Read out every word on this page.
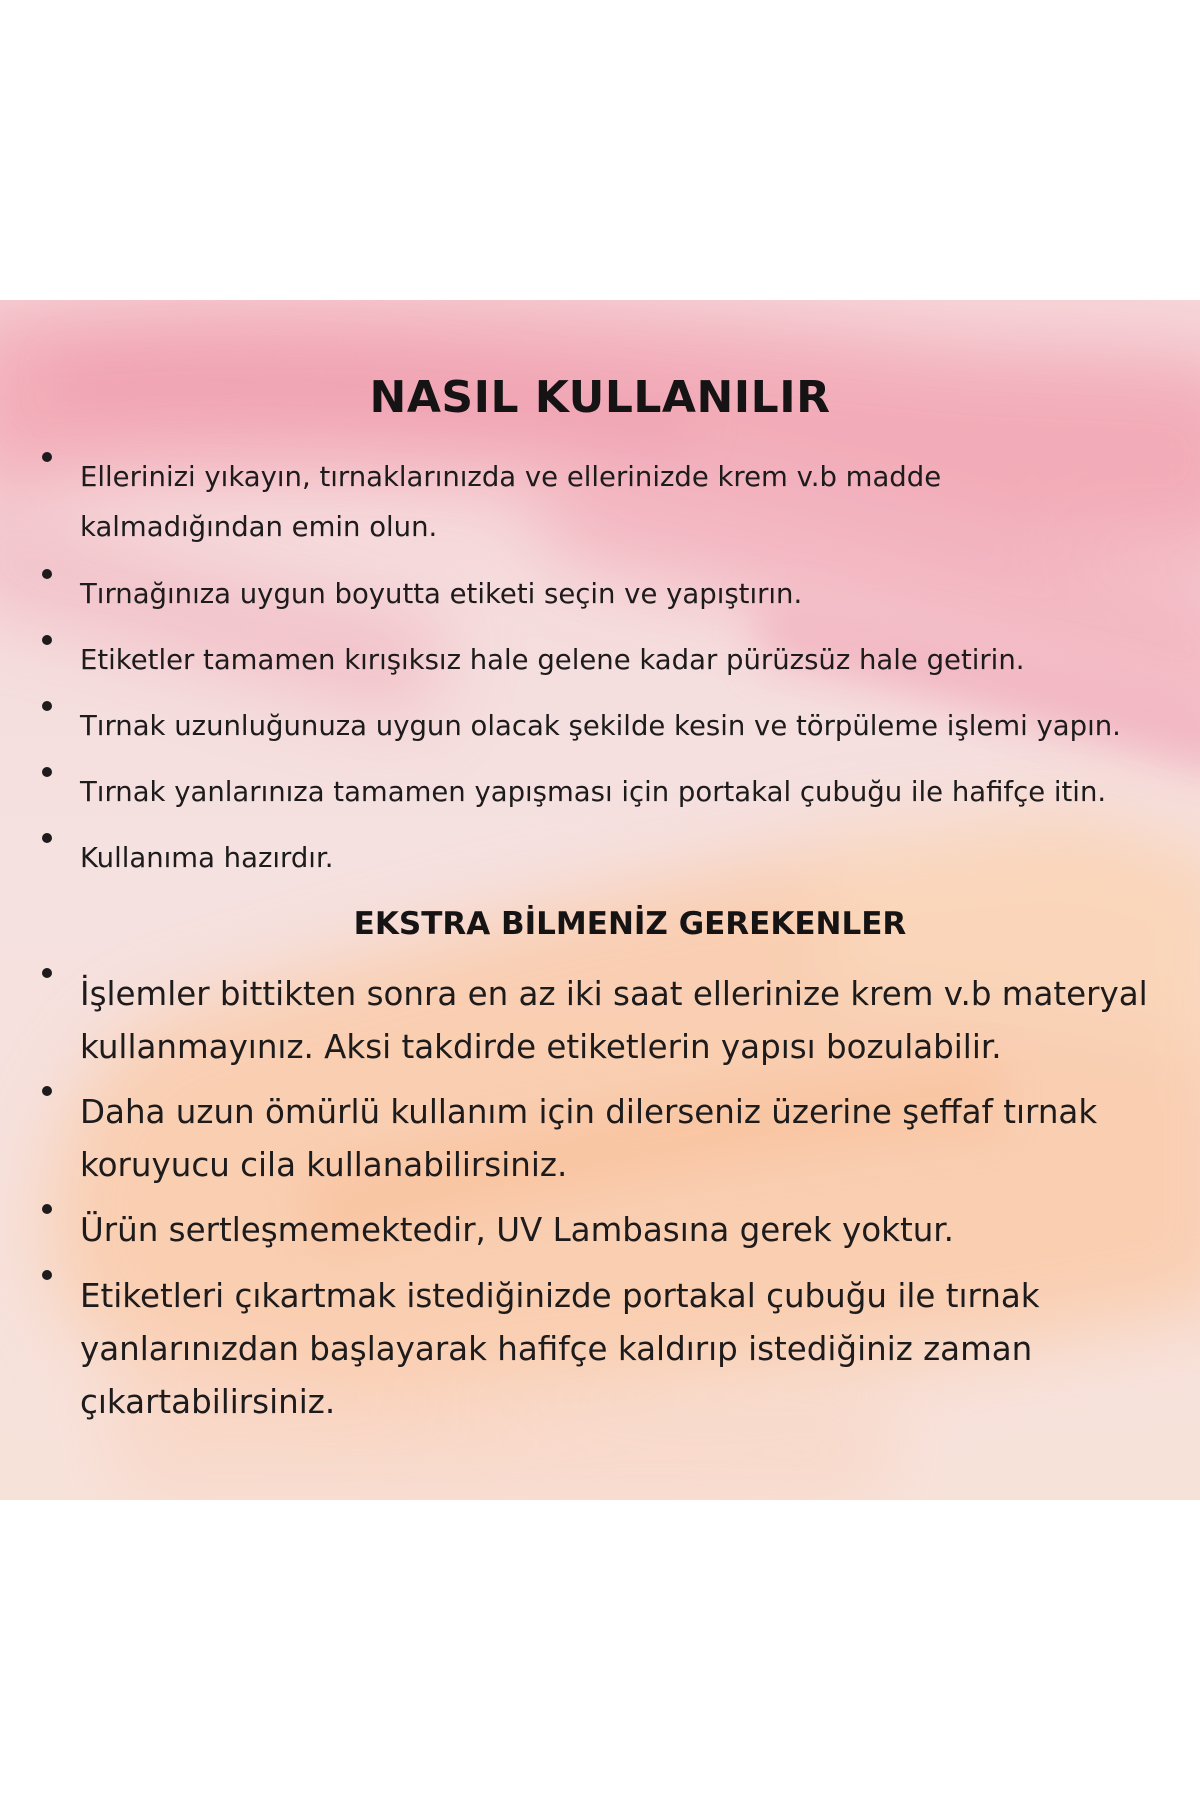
NASIL KULLANILIR
Ellerinizi yıkayın, tırnaklarınızda ve ellerinizde krem v.b madde
kalmadığından emin olun.
Tırnağınıza uygun boyutta etiketi seçin ve yapıştırın.
Etiketler tamamen kırışıksız hale gelene kadar pürüzsüz hale getirin.
Tırnak uzunluğunuza uygun olacak şekilde kesin ve törpüleme işlemi yapın.
Tırnak yanlarınıza tamamen yapışması için portakal çubuğu ile hafifçe itin.
Kullanıma hazırdır.
EKSTRA BİLMENİZ GEREKENLER
İşlemler bittikten sonra en az iki saat ellerinize krem v.b materyal
kullanmayınız. Aksi takdirde etiketlerin yapısı bozulabilir.
Daha uzun ömürlü kullanım için dilerseniz üzerine şeffaf tırnak
koruyucu cila kullanabilirsiniz.
Ürün sertleşmemektedir, UV Lambasına gerek yoktur.
Etiketleri çıkartmak istediğinizde portakal çubuğu ile tırnak
yanlarınızdan başlayarak hafifçe kaldırıp istediğiniz zaman
çıkartabilirsiniz.
